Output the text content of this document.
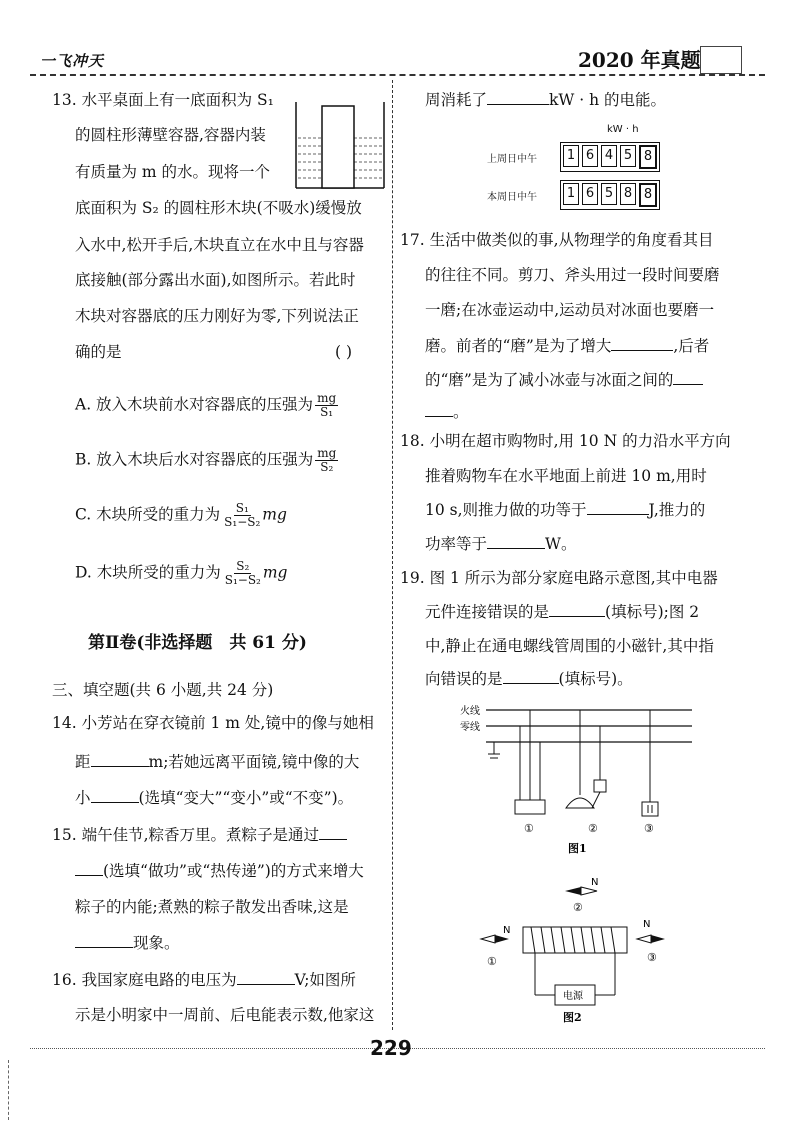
一飞冲天	2020 年真题
13. 水平桌面上有一底面积为 S₁
的圆柱形薄壁容器,容器内装
有质量为 m 的水。现将一个
底面积为 S₂ 的圆柱形木块(不吸水)缓慢放
入水中,松开手后,木块直立在水中且与容器
底接触(部分露出水面),如图所示。若此时
木块对容器底的压力刚好为零,下列说法正
确的是	( )
A. 放入木块前水对容器底的压强为 $\frac{mg}{\text{S₁}}$
B. 放入木块后水对容器底的压强为 $\frac{mg}{\text{S₂}}$
C. 木块所受的重力为 $\frac{\text{S₁}}{\text{S₁−S₂}}$ mg
D. 木块所受的重力为 $\frac{\text{S₂}}{\text{S₁−S₂}}$ mg
第Ⅱ卷(非选择题　共 61 分)
三、填空题(共 6 小题,共 24 分)
14. 小芳站在穿衣镜前 1 m 处,镜中的像与她相
距	m;若她远离平面镜,镜中像的大
小	(选填“变大”“变小”或“不变”)。
15. 端午佳节,粽香万里。煮粽子是通过
(选填“做功”或“热传递”)的方式来增大
粽子的内能;煮熟的粽子散发出香味,这是
现象。
16. 我国家庭电路的电压为	V;如图所
示是小明家中一周前、后电能表示数,他家这
周消耗了	kW · h 的电能。
kW · h
上周日中午 1 6 4 5 8
本周日中午 1 6 5 8 8
17. 生活中做类似的事,从物理学的角度看其目
的往往不同。剪刀、斧头用过一段时间要磨
一磨;在冰壶运动中,运动员对冰面也要磨一
磨。前者的“磨”是为了增大	,后者
的“磨”是为了减小冰壶与冰面之间的
。
18. 小明在超市购物时,用 10 N 的力沿水平方向
推着购物车在水平地面上前进 10 m,用时
10 s,则推力做的功等于	J,推力的
功率等于	W。
19. 图 1 所示为部分家庭电路示意图,其中电器
元件连接错误的是	(填标号);图 2
中,静止在通电螺线管周围的小磁针,其中指
向错误的是	(填标号)。
火线
零线
①	②	③
图1
N
②
N
①
N
③
电源
图2
229
